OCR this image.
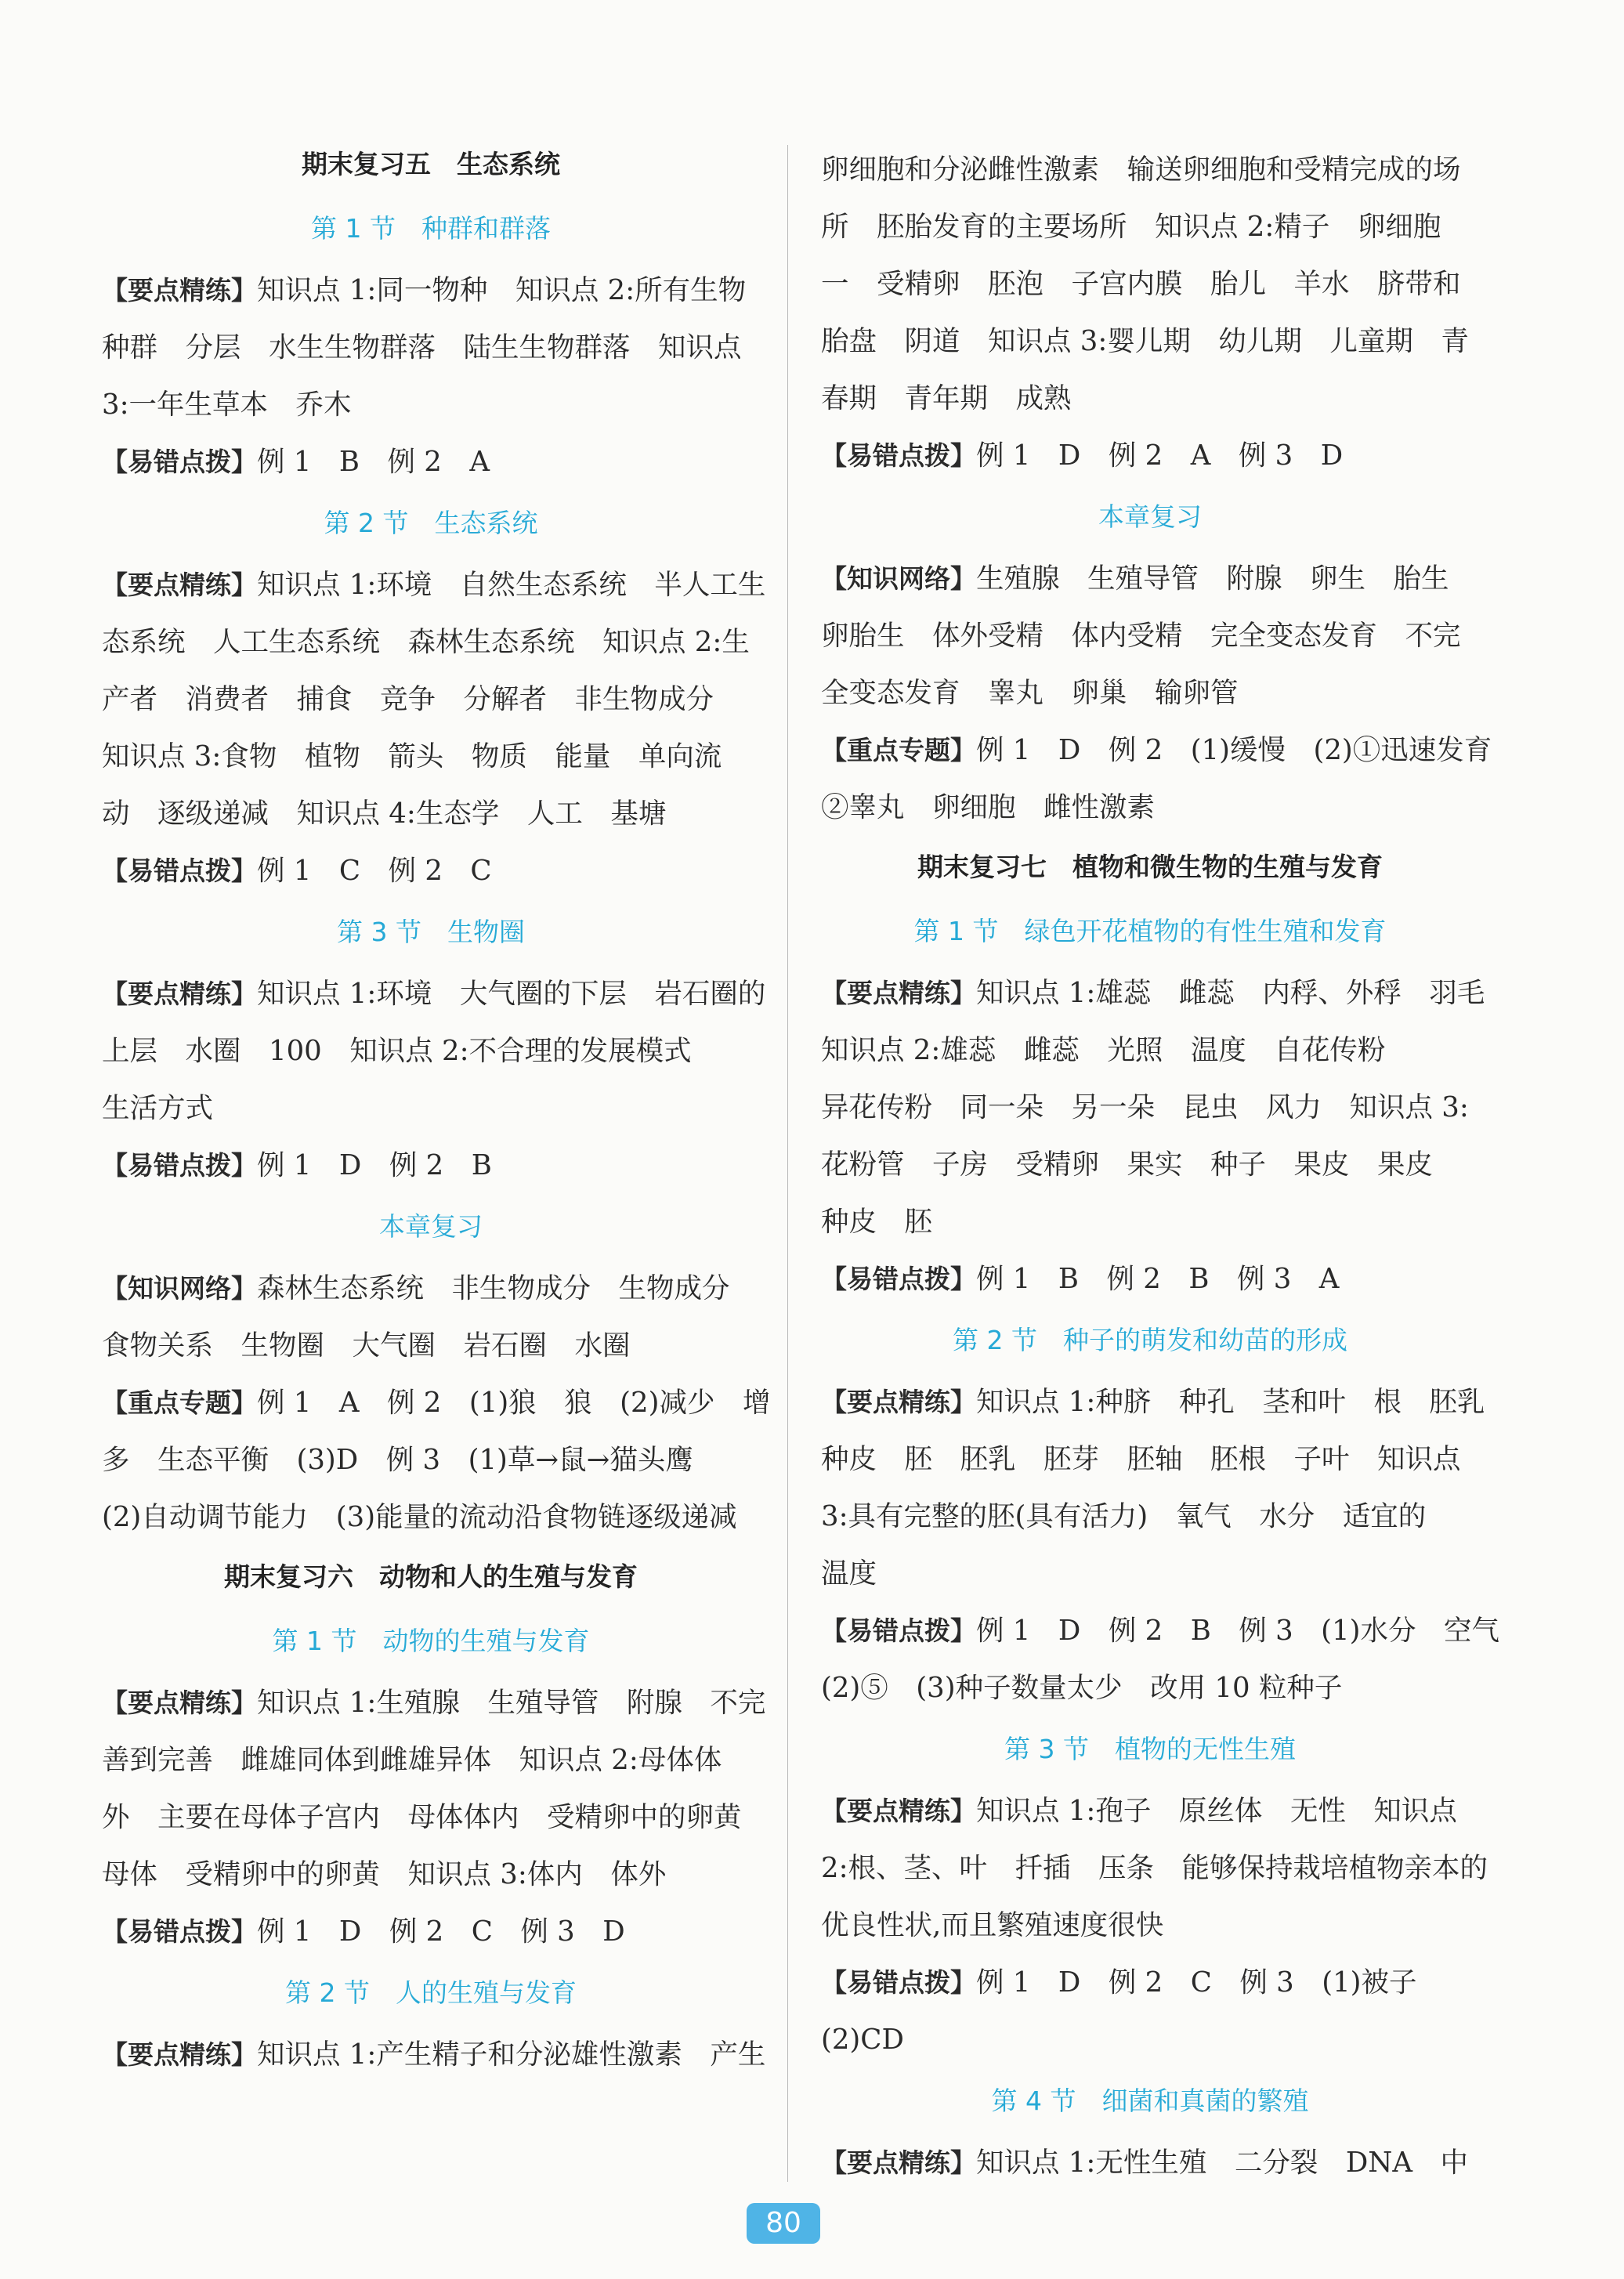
期末复习五　生态系统
第 1 节　种群和群落
【要点精练】知识点 1:同一物种　知识点 2:所有生物
种群　分层　水生生物群落　陆生生物群落　知识点
3:一年生草本　乔木
【易错点拨】例 1　B　例 2　A
第 2 节　生态系统
【要点精练】知识点 1:环境　自然生态系统　半人工生
态系统　人工生态系统　森林生态系统　知识点 2:生
产者　消费者　捕食　竞争　分解者　非生物成分
知识点 3:食物　植物　箭头　物质　能量　单向流
动　逐级递减　知识点 4:生态学　人工　基塘
【易错点拨】例 1　C　例 2　C
第 3 节　生物圈
【要点精练】知识点 1:环境　大气圈的下层　岩石圈的
上层　水圈　100　知识点 2:不合理的发展模式
生活方式
【易错点拨】例 1　D　例 2　B
本章复习
【知识网络】森林生态系统　非生物成分　生物成分
食物关系　生物圈　大气圈　岩石圈　水圈
【重点专题】例 1　A　例 2　(1)狼　狼　(2)减少　增
多　生态平衡　(3)D　例 3　(1)草→鼠→猫头鹰
(2)自动调节能力　(3)能量的流动沿食物链逐级递减
期末复习六　动物和人的生殖与发育
第 1 节　动物的生殖与发育
【要点精练】知识点 1:生殖腺　生殖导管　附腺　不完
善到完善　雌雄同体到雌雄异体　知识点 2:母体体
外　主要在母体子宫内　母体体内　受精卵中的卵黄
母体　受精卵中的卵黄　知识点 3:体内　体外
【易错点拨】例 1　D　例 2　C　例 3　D
第 2 节　人的生殖与发育
【要点精练】知识点 1:产生精子和分泌雄性激素　产生
卵细胞和分泌雌性激素　输送卵细胞和受精完成的场
所　胚胎发育的主要场所　知识点 2:精子　卵细胞
一　受精卵　胚泡　子宫内膜　胎儿　羊水　脐带和
胎盘　阴道　知识点 3:婴儿期　幼儿期　儿童期　青
春期　青年期　成熟
【易错点拨】例 1　D　例 2　A　例 3　D
本章复习
【知识网络】生殖腺　生殖导管　附腺　卵生　胎生
卵胎生　体外受精　体内受精　完全变态发育　不完
全变态发育　睾丸　卵巢　输卵管
【重点专题】例 1　D　例 2　(1)缓慢　(2)①迅速发育
②睾丸　卵细胞　雌性激素
期末复习七　植物和微生物的生殖与发育
第 1 节　绿色开花植物的有性生殖和发育
【要点精练】知识点 1:雄蕊　雌蕊　内稃、外稃　羽毛
知识点 2:雄蕊　雌蕊　光照　温度　自花传粉
异花传粉　同一朵　另一朵　昆虫　风力　知识点 3:
花粉管　子房　受精卵　果实　种子　果皮　果皮
种皮　胚
【易错点拨】例 1　B　例 2　B　例 3　A
第 2 节　种子的萌发和幼苗的形成
【要点精练】知识点 1:种脐　种孔　茎和叶　根　胚乳
种皮　胚　胚乳　胚芽　胚轴　胚根　子叶　知识点
3:具有完整的胚(具有活力)　氧气　水分　适宜的
温度
【易错点拨】例 1　D　例 2　B　例 3　(1)水分　空气
(2)⑤　(3)种子数量太少　改用 10 粒种子
第 3 节　植物的无性生殖
【要点精练】知识点 1:孢子　原丝体　无性　知识点
2:根、茎、叶　扦插　压条　能够保持栽培植物亲本的
优良性状,而且繁殖速度很快
【易错点拨】例 1　D　例 2　C　例 3　(1)被子
(2)CD
第 4 节　细菌和真菌的繁殖
【要点精练】知识点 1:无性生殖　二分裂　DNA　中
80
